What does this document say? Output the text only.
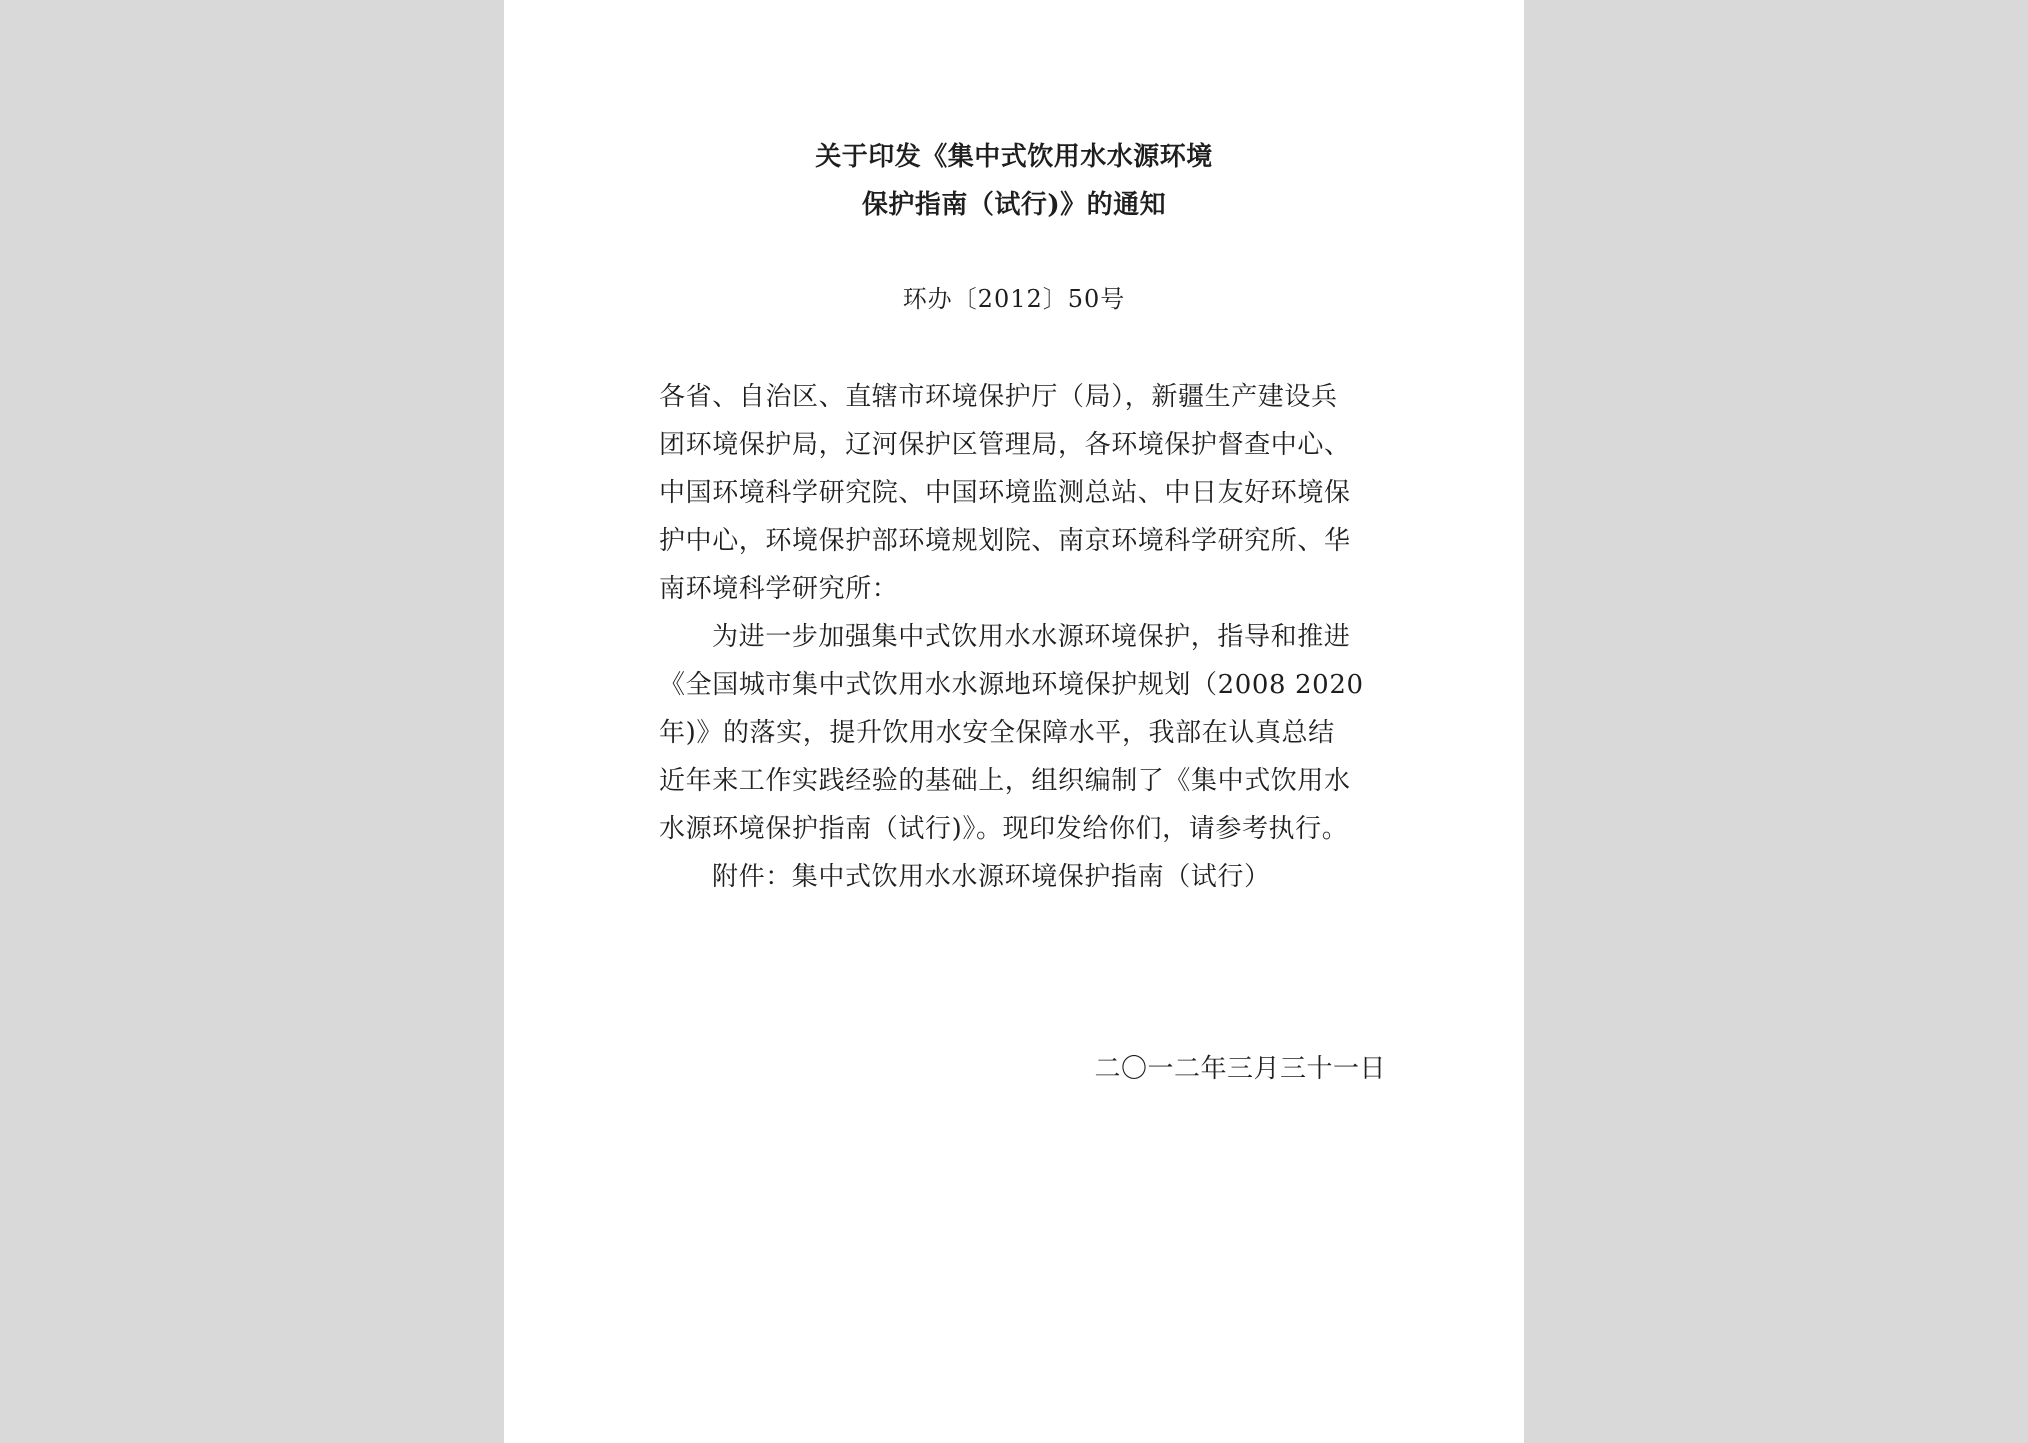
关于印发《集中式饮用水水源环境
保护指南（试行)》的通知
环办〔2012〕50号
各省、自治区、直辖市环境保护厅（局），新疆生产建设兵
团环境保护局，辽河保护区管理局，各环境保护督查中心、
中国环境科学研究院、中国环境监测总站、中日友好环境保
护中心，环境保护部环境规划院、南京环境科学研究所、华
南环境科学研究所：
为进一步加强集中式饮用水水源环境保护，指导和推进
《全国城市集中式饮用水水源地环境保护规划（2008 2020
年)》的落实，提升饮用水安全保障水平，我部在认真总结
近年来工作实践经验的基础上，组织编制了《集中式饮用水
水源环境保护指南（试行)》。现印发给你们，请参考执行。
附件：集中式饮用水水源环境保护指南（试行）
二〇一二年三月三十一日
